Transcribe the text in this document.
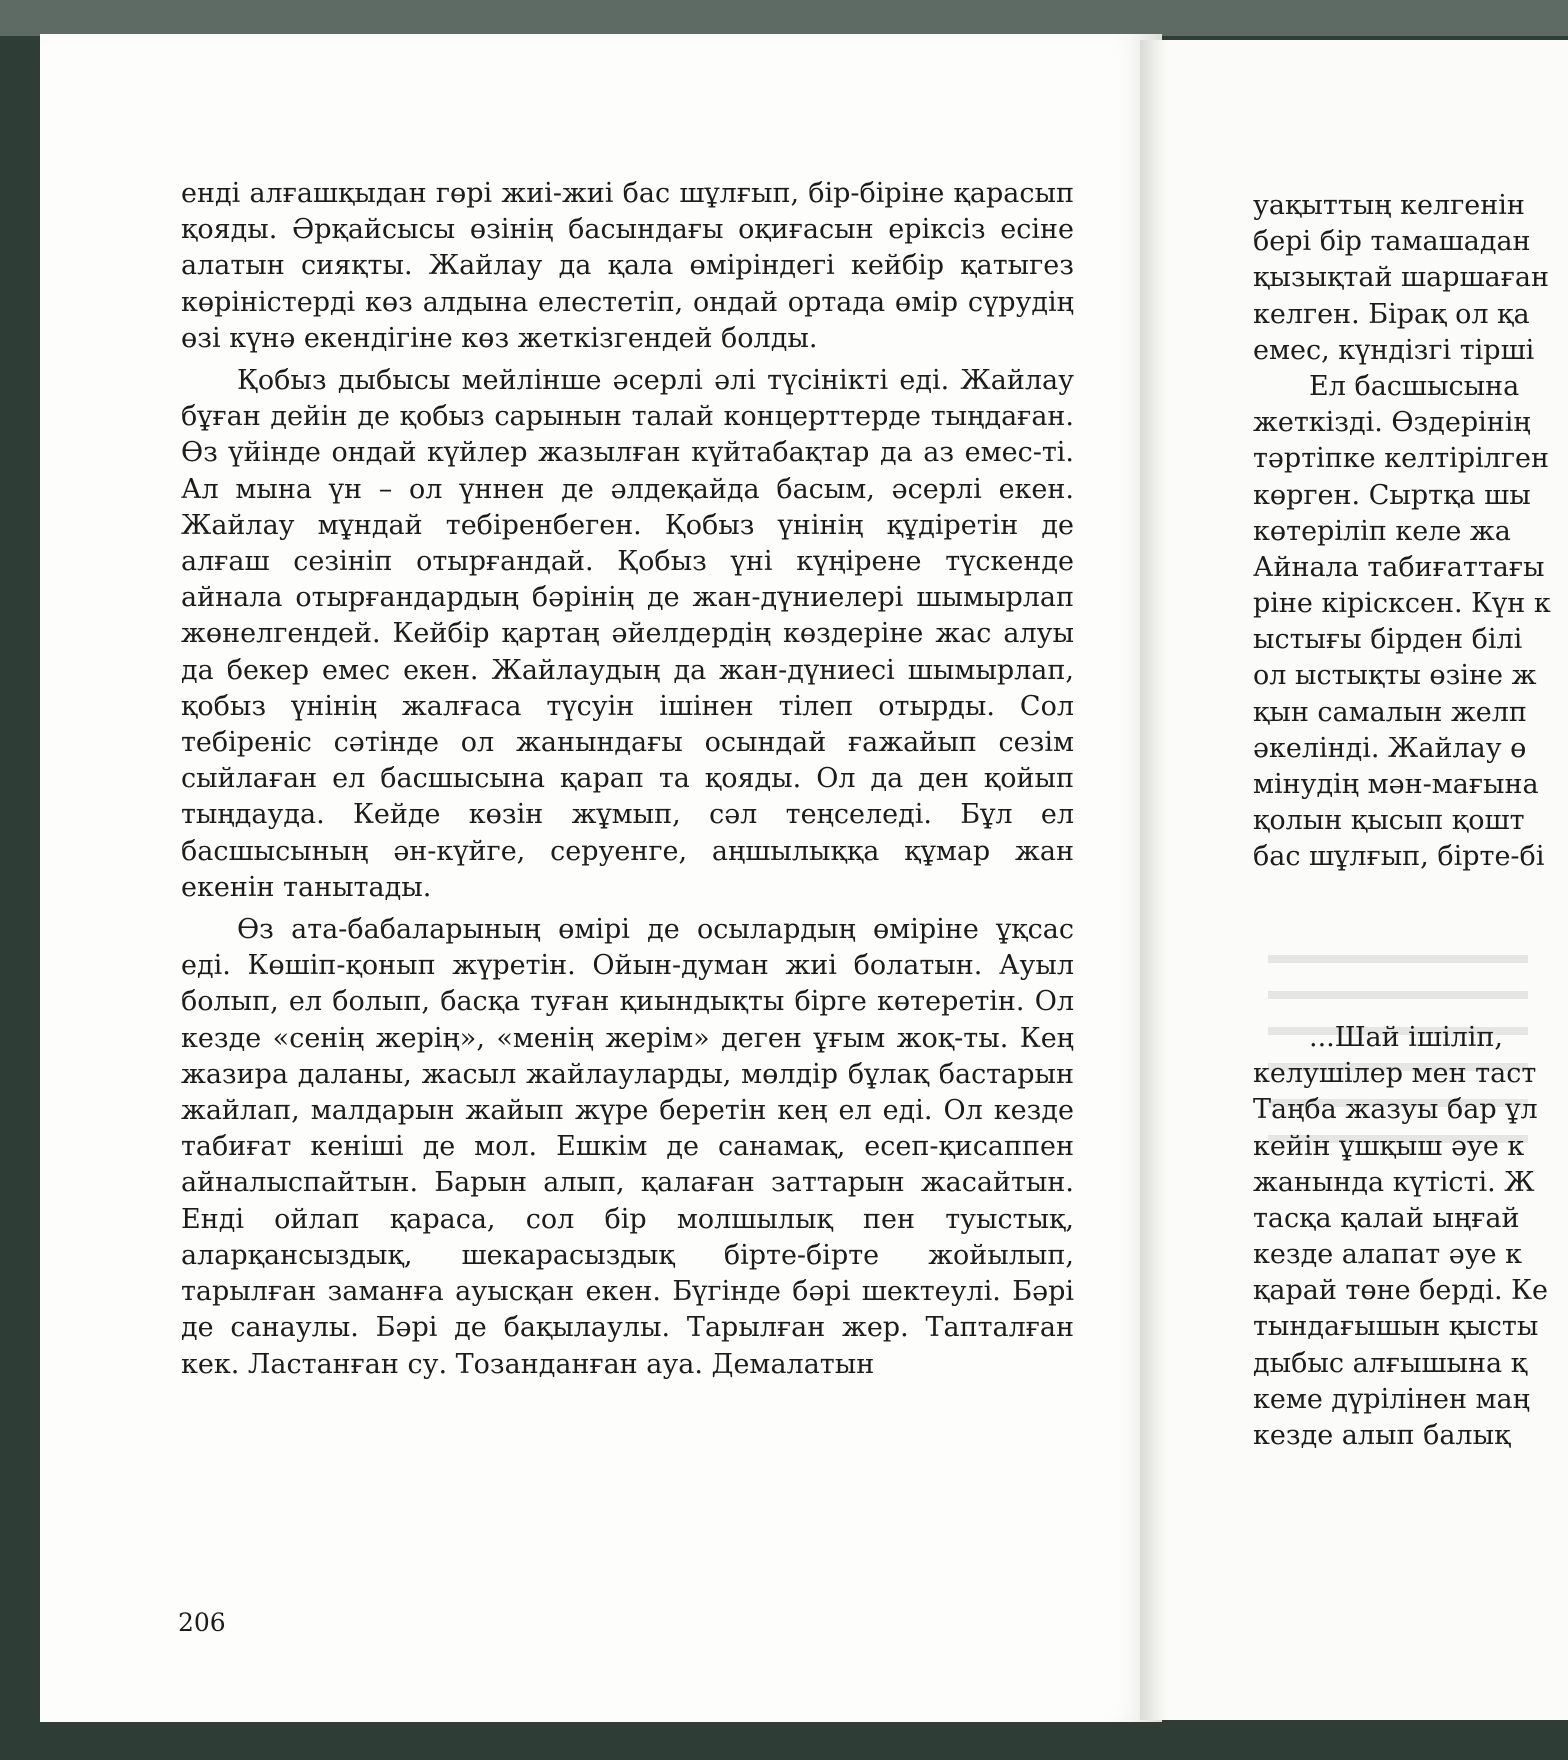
енді алғашқыдан гөрі жиі-жиі бас шұлғып, бір-біріне қарасып қояды. Әрқайсысы өзінің басындағы оқиғасын еріксіз есіне алатын сияқты. Жайлау да қала өміріндегі кейбір қатыгез көріністерді көз алдына елестетіп, ондай ортада өмір сүрудің өзі күнә екендігіне көз жеткізгендей болды.

Қобыз дыбысы мейлінше әсерлі әлі түсінікті еді. Жайлау бұған дейін де қобыз сарынын талай концерттерде тыңдаған. Өз үйінде ондай күйлер жазылған күйтабақтар да аз емес-ті. Ал мына үн – ол үннен де әлдеқайда басым, әсерлі екен. Жайлау мұндай тебіренбеген. Қобыз үнінің құдіретін де алғаш сезініп отырғандай. Қобыз үні күңірене түскенде айнала отырғандардың бәрінің де жан-дүниелері шымырлап жөнелгендей. Кейбір қартаң әйелдердің көздеріне жас алуы да бекер емес екен. Жайлаудың да жан-дүниесі шымырлап, қобыз үнінің жалғаса түсуін ішінен тілеп отырды. Сол тебіреніс сәтінде ол жанындағы осындай ғажайып сезім сыйлаған ел басшысына қарап та қояды. Ол да ден қойып тыңдауда. Кейде көзін жұмып, сәл теңселеді. Бұл ел басшысының ән-күйге, серуенге, аңшылыққа құмар жан екенін танытады.

Өз ата-бабаларының өмірі де осылардың өміріне ұқсас еді. Көшіп-қонып жүретін. Ойын-думан жиі болатын. Ауыл болып, ел болып, басқа туған қиындықты бірге көтеретін. Ол кезде «сенің жерің», «менің жерім» деген ұғым жоқ-ты. Кең жазира даланы, жасыл жайлауларды, мөлдір бұлақ бастарын жайлап, малдарын жайып жүре беретін кең ел еді. Ол кезде табиғат кеніші де мол. Ешкім де санамақ, есеп-қисаппен айналыспайтын. Барын алып, қалаған заттарын жасайтын. Енді ойлап қараса, сол бір молшылық пен туыстық, аларқансыздық, шекарасыздық бірте-бірте жойылып, тарылған заманға ауысқан екен. Бүгінде бәрі шектеулі. Бәрі де санаулы. Бәрі де бақылаулы. Тарылған жер. Тапталған кек. Ластанған су. Тозанданған ауа. Демалатын

206
уақыттың келгенін
бері бір тамашадан
қызықтай шаршаған
келген. Бірақ ол қа
емес, күндізгі тірші
Ел басшысына
жеткізді. Өздерінің
тәртіпке келтірілген
көрген. Сыртқа шы
көтеріліп келе жа
Айнала табиғаттағы
ріне кірісксен. Күн к
ыстығы бірден білі
ол ыстықты өзіне ж
қын самалын желп
әкелінді. Жайлау ө
мінудің мән-мағына
қолын қысып қошт
бас шұлғып, бірте-бі
...Шай ішіліп,
келушілер мен таст
Таңба жазуы бар ұл
кейін ұшқыш әуе к
жанында күтісті. Ж
тасқа қалай ыңғай
кезде алапат әуе к
қарай төне берді. Ке
тындағышын қысты
дыбыс алғышына қ
кеме дүрілінен маң
кезде алып балық
